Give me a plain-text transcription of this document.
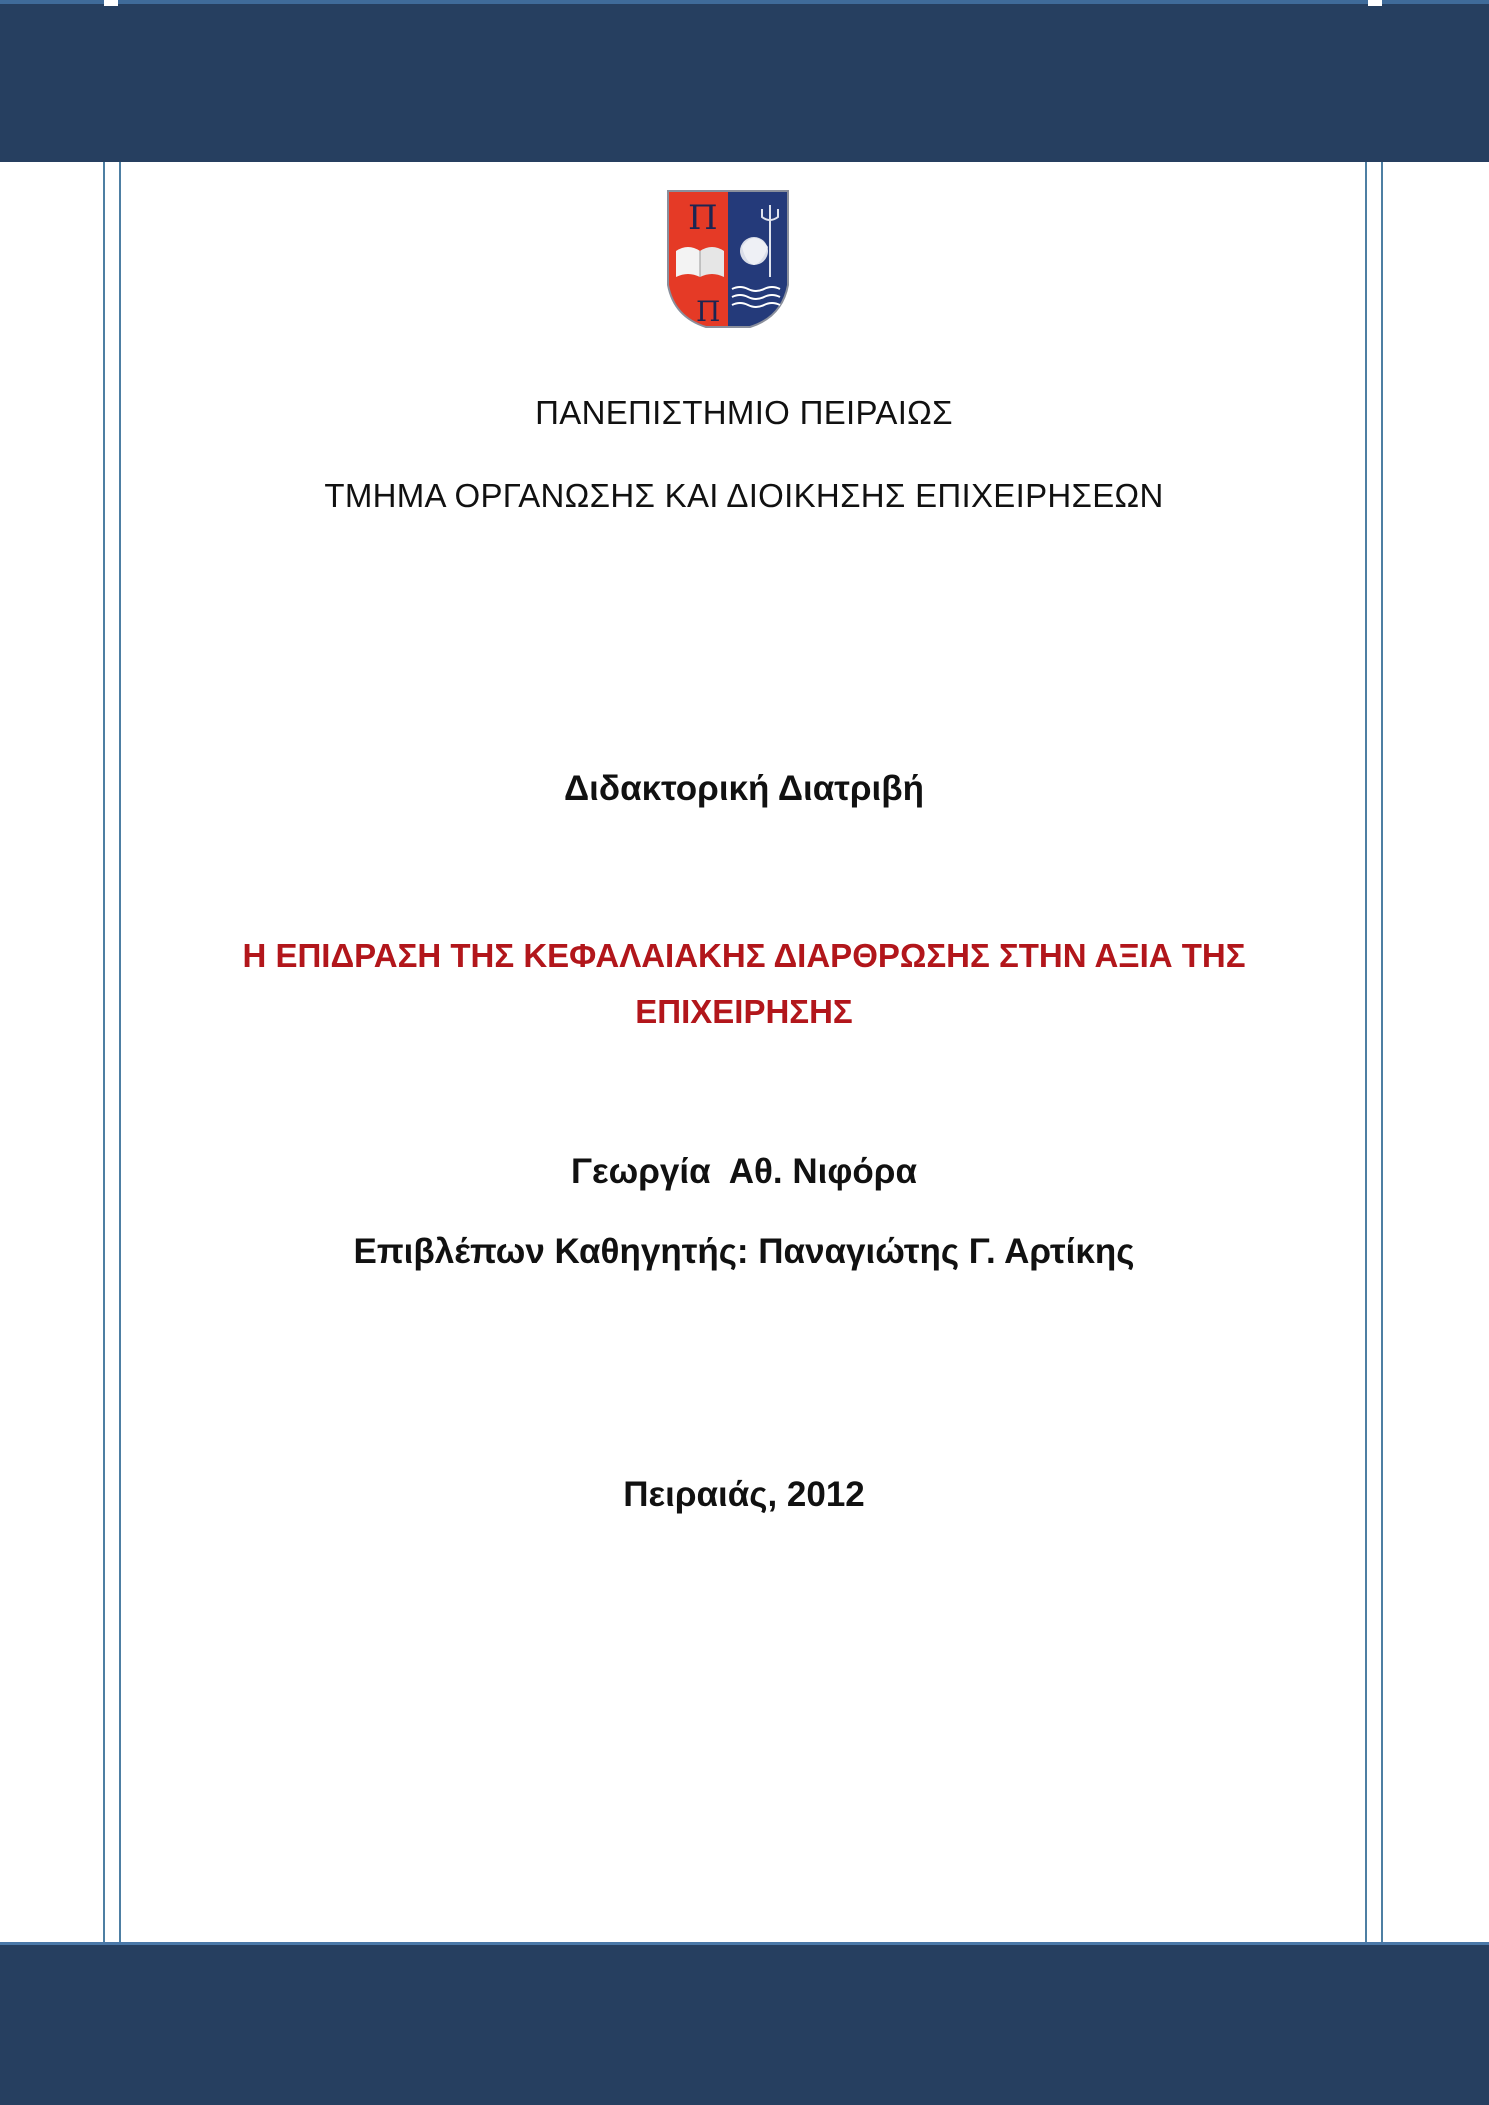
Π
Π
ΠΑΝΕΠΙΣΤΗΜΙΟ ΠΕΙΡΑΙΩΣ
ΤΜΗΜΑ ΟΡΓΑΝΩΣΗΣ ΚΑΙ ΔΙΟΙΚΗΣΗΣ ΕΠΙΧΕΙΡΗΣΕΩΝ
Διδακτορική Διατριβή
Η ΕΠΙΔΡΑΣΗ ΤΗΣ ΚΕΦΑΛΑΙΑΚΗΣ ΔΙΑΡΘΡΩΣΗΣ ΣΤΗΝ ΑΞΙΑ ΤΗΣ ΕΠΙΧΕΙΡΗΣΗΣ
Γεωργία  Αθ. Νιφόρα
Επιβλέπων Καθηγητής: Παναγιώτης Γ. Αρτίκης
Πειραιάς, 2012
